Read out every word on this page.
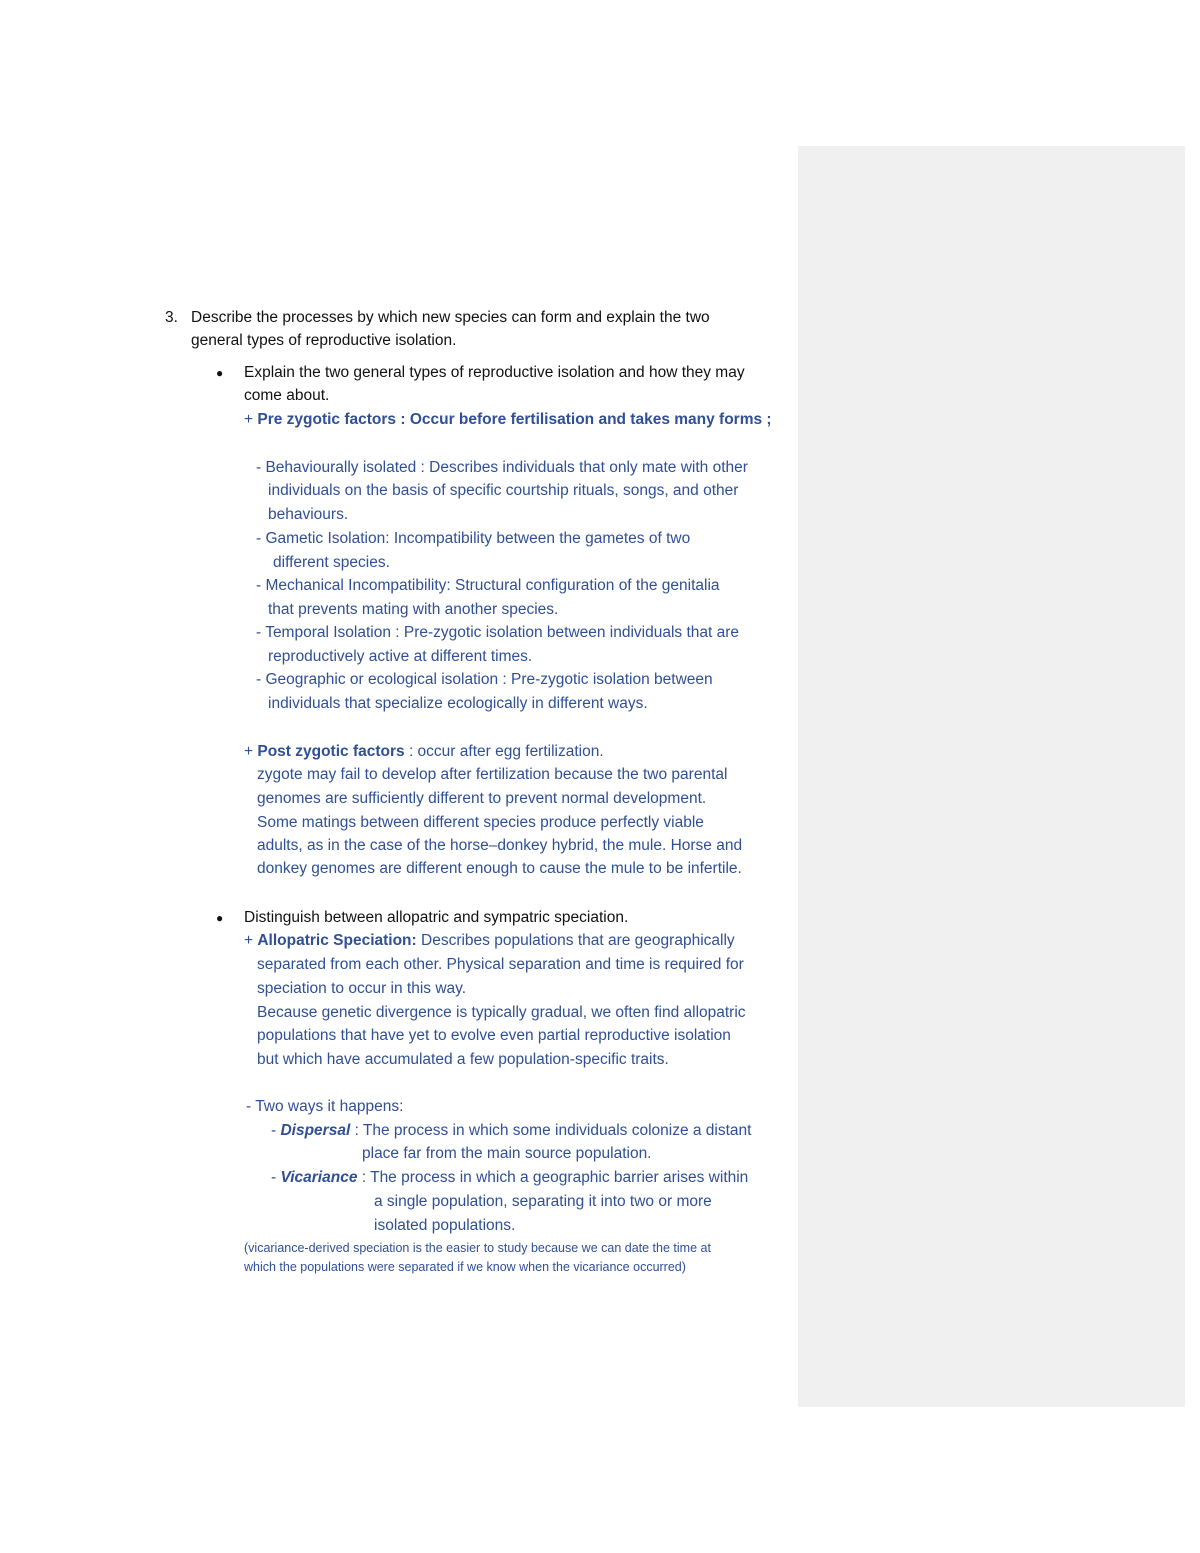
3. Describe the processes by which new species can form and explain the two
general types of reproductive isolation.
● Explain the two general types of reproductive isolation and how they may
come about.
+ Pre zygotic factors : Occur before fertilisation and takes many forms ;
- Behaviourally isolated : Describes individuals that only mate with other
individuals on the basis of specific courtship rituals, songs, and other
behaviours.
- Gametic Isolation: Incompatibility between the gametes of two
different species.
- Mechanical Incompatibility: Structural configuration of the genitalia
that prevents mating with another species.
- Temporal Isolation : Pre-zygotic isolation between individuals that are
reproductively active at different times.
- Geographic or ecological isolation : Pre-zygotic isolation between
individuals that specialize ecologically in different ways.
+ Post zygotic factors : occur after egg fertilization.
zygote may fail to develop after fertilization because the two parental
genomes are sufficiently different to prevent normal development.
Some matings between different species produce perfectly viable
adults, as in the case of the horse–donkey hybrid, the mule. Horse and
donkey genomes are different enough to cause the mule to be infertile.
● Distinguish between allopatric and sympatric speciation.
+ Allopatric Speciation: Describes populations that are geographically
separated from each other. Physical separation and time is required for
speciation to occur in this way.
Because genetic divergence is typically gradual, we often find allopatric
populations that have yet to evolve even partial reproductive isolation
but which have accumulated a few population-specific traits.
- Two ways it happens:
- Dispersal : The process in which some individuals colonize a distant
place far from the main source population.
- Vicariance : The process in which a geographic barrier arises within
a single population, separating it into two or more
isolated populations.
(vicariance-derived speciation is the easier to study because we can date the time at
which the populations were separated if we know when the vicariance occurred)
